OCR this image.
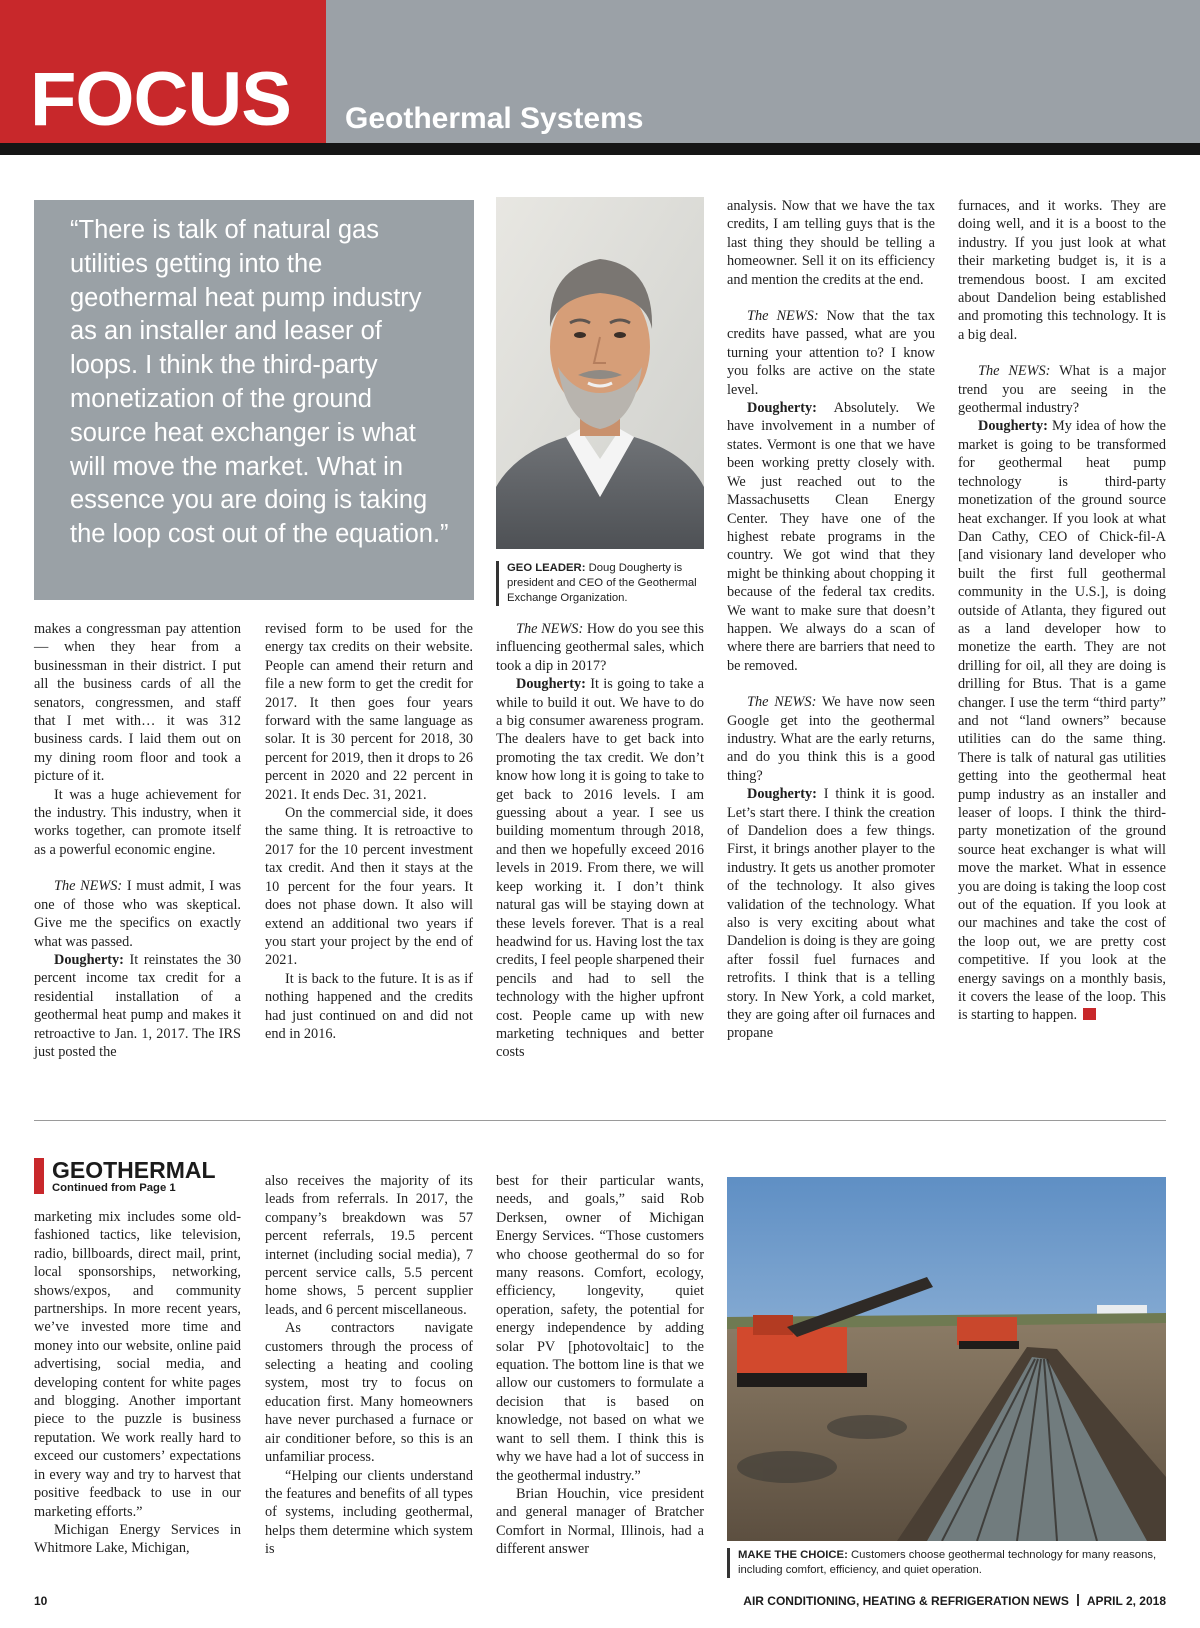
FOCUS Geothermal Systems

“There is talk of natural gas utilities getting into the geothermal heat pump industry as an installer and leaser of loops. I think the third-party monetization of the ground source heat exchanger is what will move the market. What in essence you are doing is taking the loop cost out of the equation.”

GEO LEADER: Doug Dougherty is president and CEO of the Geothermal Exchange Organization.

makes a congressman pay attention — when they hear from a businessman in their district. I put all the business cards of all the senators, congressmen, and staff that I met with… it was 312 business cards. I laid them out on my dining room floor and took a picture of it.

It was a huge achievement for the industry. This industry, when it works together, can promote itself as a powerful economic engine.

The NEWS: I must admit, I was one of those who was skeptical. Give me the specifics on exactly what was passed.

Dougherty: It reinstates the 30 percent income tax credit for a residential installation of a geothermal heat pump and makes it retroactive to Jan. 1, 2017. The IRS just posted the

revised form to be used for the energy tax credits on their website. People can amend their return and file a new form to get the credit for 2017. It then goes four years forward with the same language as solar. It is 30 percent for 2018, 30 percent for 2019, then it drops to 26 percent in 2020 and 22 percent in 2021. It ends Dec. 31, 2021.

On the commercial side, it does the same thing. It is retroactive to 2017 for the 10 percent investment tax credit. And then it stays at the 10 percent for the four years. It does not phase down. It also will extend an additional two years if you start your project by the end of 2021.

It is back to the future. It is as if nothing happened and the credits had just continued on and did not end in 2016.

The NEWS: How do you see this influencing geothermal sales, which took a dip in 2017?

Dougherty: It is going to take a while to build it out. We have to do a big consumer awareness program. The dealers have to get back into promoting the tax credit. We don’t know how long it is going to take to get back to 2016 levels. I am guessing about a year. I see us building momentum through 2018, and then we hopefully exceed 2016 levels in 2019. From there, we will keep working it. I don’t think natural gas will be staying down at these levels forever. That is a real headwind for us. Having lost the tax credits, I feel people sharpened their pencils and had to sell the technology with the higher upfront cost. People came up with new marketing techniques and better costs

analysis. Now that we have the tax credits, I am telling guys that is the last thing they should be telling a homeowner. Sell it on its efficiency and mention the credits at the end.

The NEWS: Now that the tax credits have passed, what are you turning your attention to? I know you folks are active on the state level.

Dougherty: Absolutely. We have involvement in a number of states. Vermont is one that we have been working pretty closely with. We just reached out to the Massachusetts Clean Energy Center. They have one of the highest rebate programs in the country. We got wind that they might be thinking about chopping it because of the federal tax credits. We want to make sure that doesn’t happen. We always do a scan of where there are barriers that need to be removed.

The NEWS: We have now seen Google get into the geothermal industry. What are the early returns, and do you think this is a good thing?

Dougherty: I think it is good. Let’s start there. I think the creation of Dandelion does a few things. First, it brings another player to the industry. It gets us another promoter of the technology. It also gives validation of the technology. What also is very exciting about what Dandelion is doing is they are going after fossil fuel furnaces and retrofits. I think that is a telling story. In New York, a cold market, they are going after oil furnaces and propane

furnaces, and it works. They are doing well, and it is a boost to the industry. If you just look at what their marketing budget is, it is a tremendous boost. I am excited about Dandelion being established and promoting this technology. It is a big deal.

The NEWS: What is a major trend you are seeing in the geothermal industry?

Dougherty: My idea of how the market is going to be transformed for geothermal heat pump technology is third-party monetization of the ground source heat exchanger. If you look at what Dan Cathy, CEO of Chick-fil-A [and visionary land developer who built the first full geothermal community in the U.S.], is doing outside of Atlanta, they figured out as a land developer how to monetize the earth. They are not drilling for oil, all they are doing is drilling for Btus. That is a game changer. I use the term “third party” and not “land owners” because utilities can do the same thing. There is talk of natural gas utilities getting into the geothermal heat pump industry as an installer and leaser of loops. I think the third-party monetization of the ground source heat exchanger is what will move the market. What in essence you are doing is taking the loop cost out of the equation. If you look at our machines and take the cost of the loop out, we are pretty cost competitive. If you look at the energy savings on a monthly basis, it covers the lease of the loop. This is starting to happen.

GEOTHERMAL
Continued from Page 1

marketing mix includes some old-fashioned tactics, like television, radio, billboards, direct mail, print, local sponsorships, networking, shows/expos, and community partnerships. In more recent years, we’ve invested more time and money into our website, online paid advertising, social media, and developing content for white pages and blogging. Another important piece to the puzzle is business reputation. We work really hard to exceed our customers’ expectations in every way and try to harvest that positive feedback to use in our marketing efforts.”

Michigan Energy Services in Whitmore Lake, Michigan,

also receives the majority of its leads from referrals. In 2017, the company’s breakdown was 57 percent referrals, 19.5 percent internet (including social media), 7 percent service calls, 5.5 percent home shows, 5 percent supplier leads, and 6 percent miscellaneous.

As contractors navigate customers through the process of selecting a heating and cooling system, most try to focus on education first. Many homeowners have never purchased a furnace or air conditioner before, so this is an unfamiliar process.

“Helping our clients understand the features and benefits of all types of systems, including geothermal, helps them determine which system is

best for their particular wants, needs, and goals,” said Rob Derksen, owner of Michigan Energy Services. “Those customers who choose geothermal do so for many reasons. Comfort, ecology, efficiency, longevity, quiet operation, safety, the potential for energy independence by adding solar PV [photovoltaic] to the equation. The bottom line is that we allow our customers to formulate a decision that is based on knowledge, not based on what we want to sell them. I think this is why we have had a lot of success in the geothermal industry.”

Brian Houchin, vice president and general manager of Bratcher Comfort in Normal, Illinois, had a different answer	MAKE THE CHOICE: Customers choose geothermal technology for many reasons, including comfort, efficiency, and quiet operation.
10	AIR CONDITIONING, HEATING & REFRIGERATION NEWS APRIL 2, 2018
